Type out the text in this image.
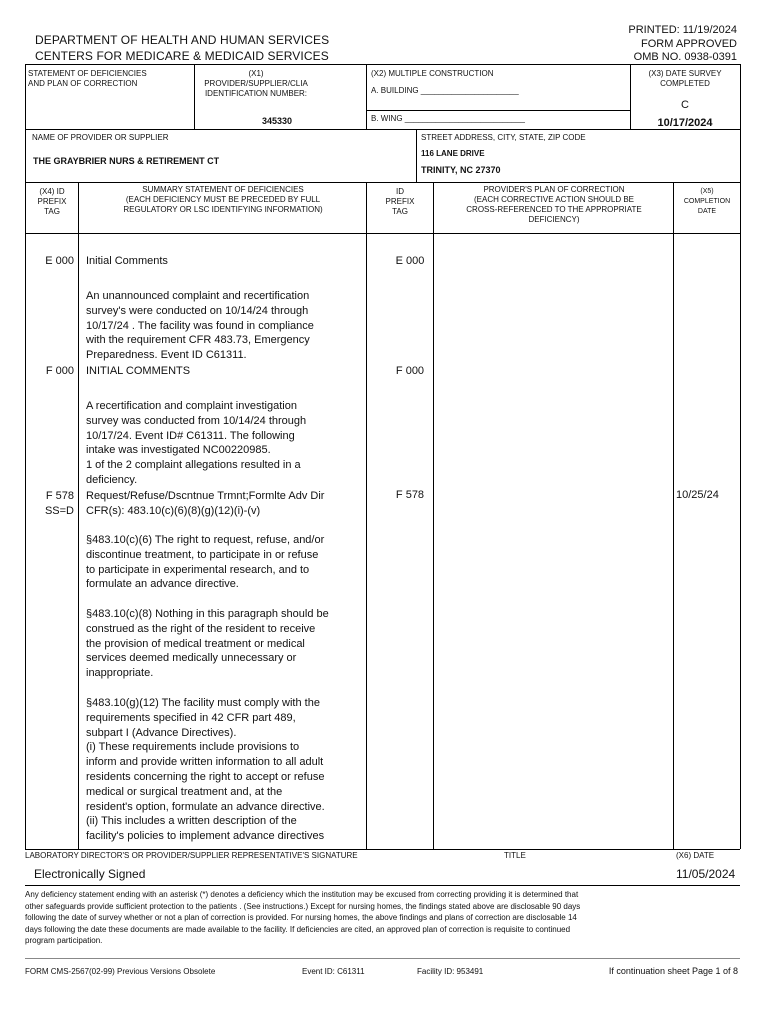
DEPARTMENT OF HEALTH AND HUMAN SERVICES
CENTERS FOR MEDICARE & MEDICAID SERVICES
PRINTED: 11/19/2024
FORM APPROVED
OMB NO. 0938-0391
STATEMENT OF DEFICIENCIES
AND PLAN OF CORRECTION
(X1) PROVIDER/SUPPLIER/CLIA
IDENTIFICATION NUMBER:
345330
(X2) MULTIPLE CONSTRUCTION
A. BUILDING ______________________
B. WING ___________________________
(X3) DATE SURVEY
COMPLETED
C
10/17/2024
NAME OF PROVIDER OR SUPPLIER
THE GRAYBRIER NURS & RETIREMENT CT
STREET ADDRESS, CITY, STATE, ZIP CODE
116 LANE DRIVE
TRINITY, NC 27370
(X4) ID
PREFIX
TAG
SUMMARY STATEMENT OF DEFICIENCIES
(EACH DEFICIENCY MUST BE PRECEDED BY FULL
REGULATORY OR LSC IDENTIFYING INFORMATION)
ID
PREFIX
TAG
PROVIDER'S PLAN OF CORRECTION
(EACH CORRECTIVE ACTION SHOULD BE
CROSS-REFERENCED TO THE APPROPRIATE
DEFICIENCY)
(X5)
COMPLETION
DATE
E 000 Initial Comments	E 000
An unannounced complaint and recertification
survey's were conducted on 10/14/24 through
10/17/24 . The facility was found in compliance
with the requirement CFR 483.73, Emergency
Preparedness. Event ID C61311.
F 000 INITIAL COMMENTS	F 000
A recertification and complaint investigation
survey was conducted from 10/14/24 through
10/17/24. Event ID# C61311. The following
intake was investigated NC00220985.
1 of the 2 complaint allegations resulted in a
deficiency.
F 578
SS=D
Request/Refuse/Dscntnue Trmnt;Formlte Adv Dir
CFR(s): 483.10(c)(6)(8)(g)(12)(i)-(v)
F 578	10/25/24
§483.10(c)(6) The right to request, refuse, and/or
discontinue treatment, to participate in or refuse
to participate in experimental research, and to
formulate an advance directive.
§483.10(c)(8) Nothing in this paragraph should be
construed as the right of the resident to receive
the provision of medical treatment or medical
services deemed medically unnecessary or
inappropriate.
§483.10(g)(12) The facility must comply with the
requirements specified in 42 CFR part 489,
subpart I (Advance Directives).
(i) These requirements include provisions to
inform and provide written information to all adult
residents concerning the right to accept or refuse
medical or surgical treatment and, at the
resident's option, formulate an advance directive.
(ii) This includes a written description of the
facility's policies to implement advance directives
LABORATORY DIRECTOR'S OR PROVIDER/SUPPLIER REPRESENTATIVE'S SIGNATURE
Electronically Signed
TITLE	(X6) DATE
11/05/2024
Any deficiency statement ending with an asterisk (*) denotes a deficiency which the institution may be excused from correcting providing it is determined that
other safeguards provide sufficient protection to the patients . (See instructions.) Except for nursing homes, the findings stated above are disclosable 90 days
following the date of survey whether or not a plan of correction is provided. For nursing homes, the above findings and plans of correction are disclosable 14
days following the date these documents are made available to the facility. If deficiencies are cited, an approved plan of correction is requisite to continued
program participation.
FORM CMS-2567(02-99) Previous Versions Obsolete	Event ID: C61311	Facility ID: 953491	If continuation sheet Page 1 of 8
